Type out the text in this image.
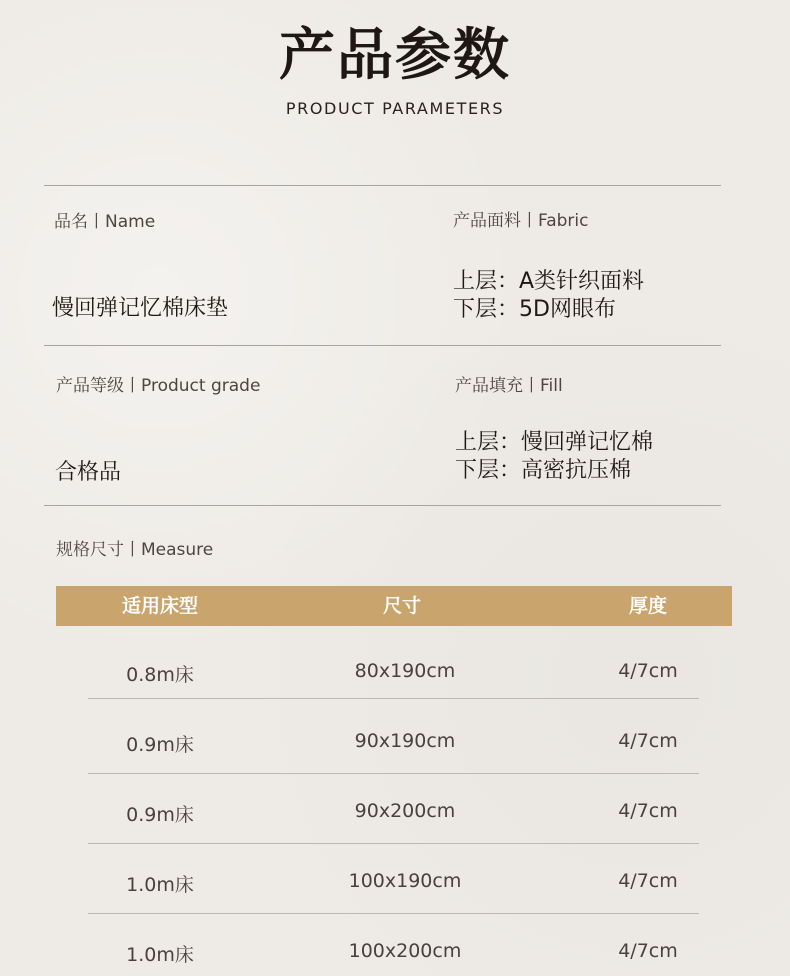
产品参数
PRODUCT PARAMETERS
品名丨Name
慢回弹记忆棉床垫
产品面料丨Fabric
上层：A类针织面料
下层：5D网眼布
产品等级丨Product grade
合格品
产品填充丨Fill
上层：慢回弹记忆棉
下层：高密抗压棉
规格尺寸丨Measure
适用床型	尺寸	厚度
0.8m床	80x190cm	4/7cm
0.9m床	90x190cm	4/7cm
0.9m床	90x200cm	4/7cm
1.0m床	100x190cm	4/7cm
1.0m床	100x200cm	4/7cm
